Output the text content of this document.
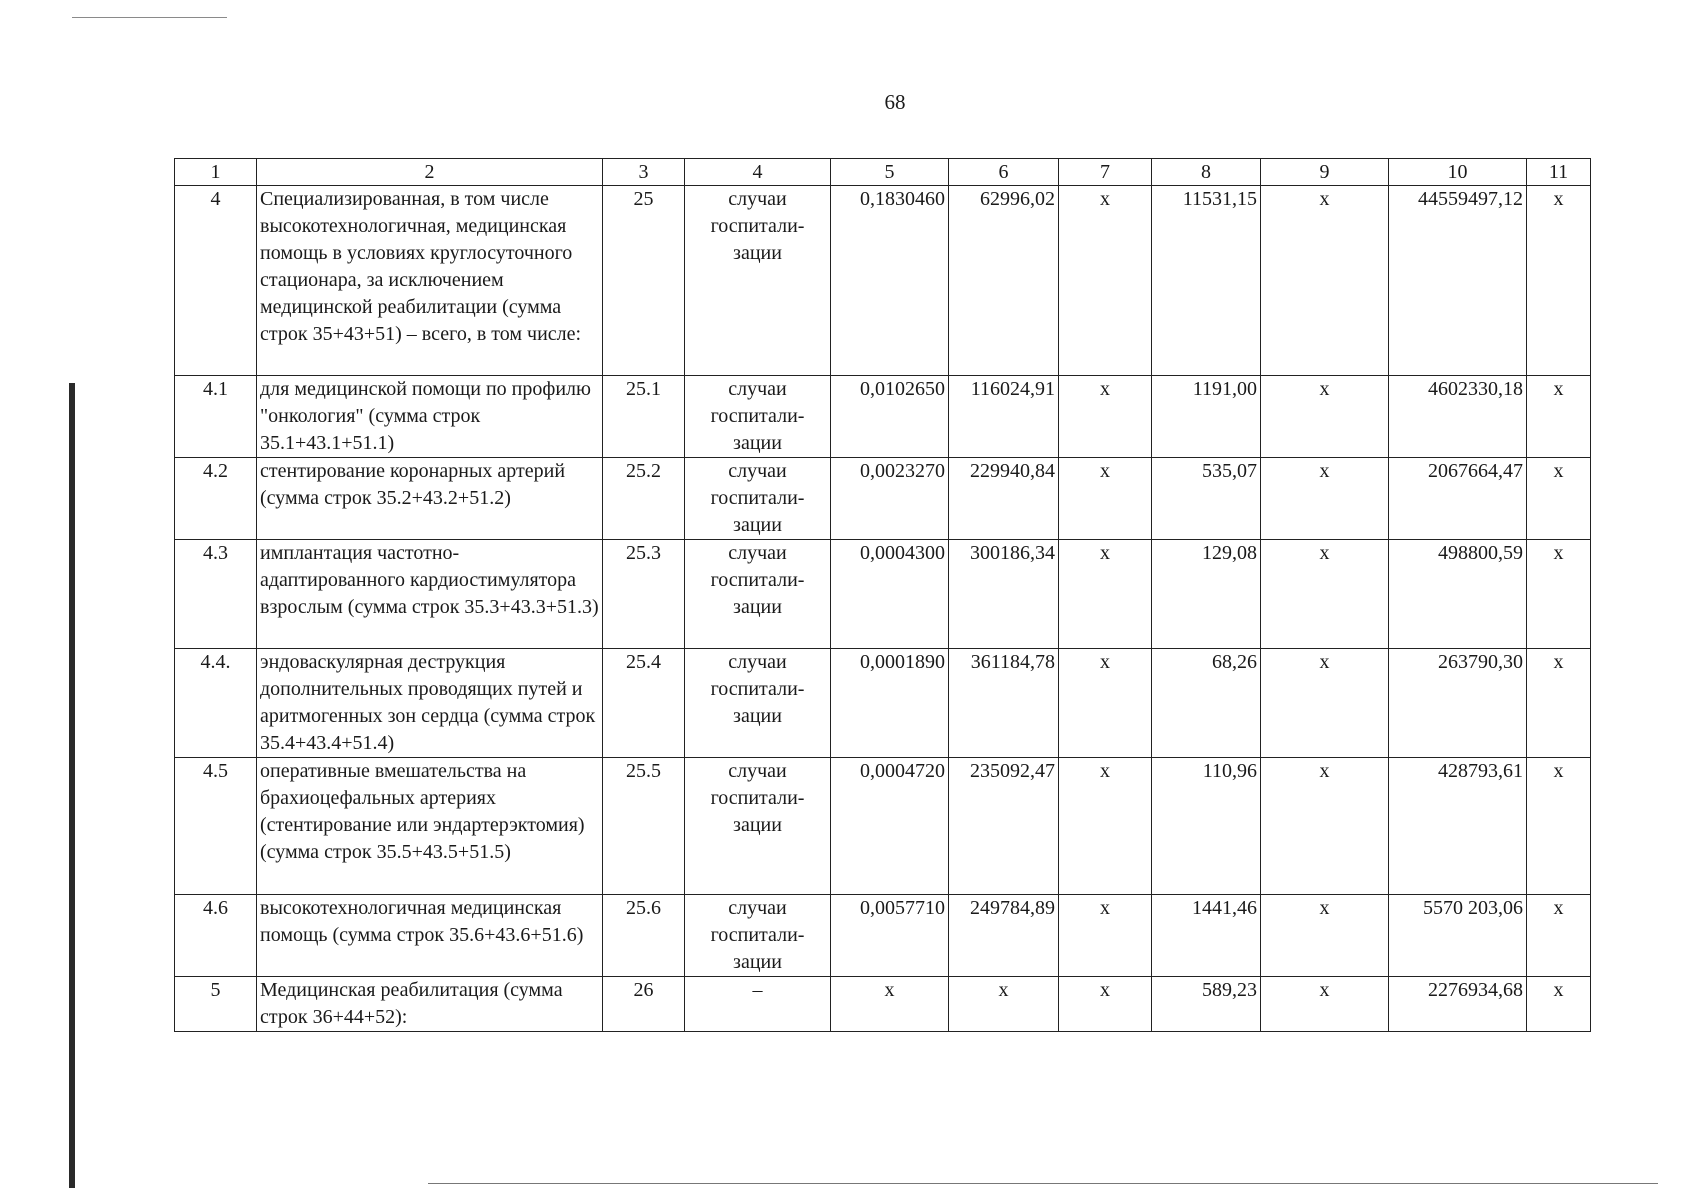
68
1	2	3	4	5	6	7	8	9	10	11
4	Специализированная, в том числе высокотехнологичная, медицинская помощь в условиях круглосуточного стационара, за исключением медицинской реабилитации (сумма строк 35+43+51) – всего, в том числе:	25	случаи госпитали-зации	0,1830460	62996,02	х	11531,15	х	44559497,12	х
4.1	для медицинской помощи по профилю "онкология" (сумма строк 35.1+43.1+51.1)	25.1	случаи госпитали-зации	0,0102650	116024,91	х	1191,00	х	4602330,18	х
4.2	стентирование коронарных артерий (сумма строк 35.2+43.2+51.2)	25.2	случаи госпитали-зации	0,0023270	229940,84	х	535,07	х	2067664,47	х
4.3	имплантация частотно-адаптированного кардиостимулятора взрослым (сумма строк 35.3+43.3+51.3)	25.3	случаи госпитали-зации	0,0004300	300186,34	х	129,08	х	498800,59	х
4.4.	эндоваскулярная деструкция дополнительных проводящих путей и аритмогенных зон сердца (сумма строк 35.4+43.4+51.4)	25.4	случаи госпитали-зации	0,0001890	361184,78	х	68,26	х	263790,30	х
4.5	оперативные вмешательства на брахиоцефальных артериях (стентирование или эндартерэктомия) (сумма строк 35.5+43.5+51.5)	25.5	случаи госпитали-зации	0,0004720	235092,47	х	110,96	х	428793,61	х
4.6	высокотехнологичная медицинская помощь (сумма строк 35.6+43.6+51.6)	25.6	случаи госпитали-зации	0,0057710	249784,89	х	1441,46	х	5570 203,06	х
5	Медицинская реабилитация (сумма строк 36+44+52):	26	–	х	х	х	589,23	х	2276934,68	х
